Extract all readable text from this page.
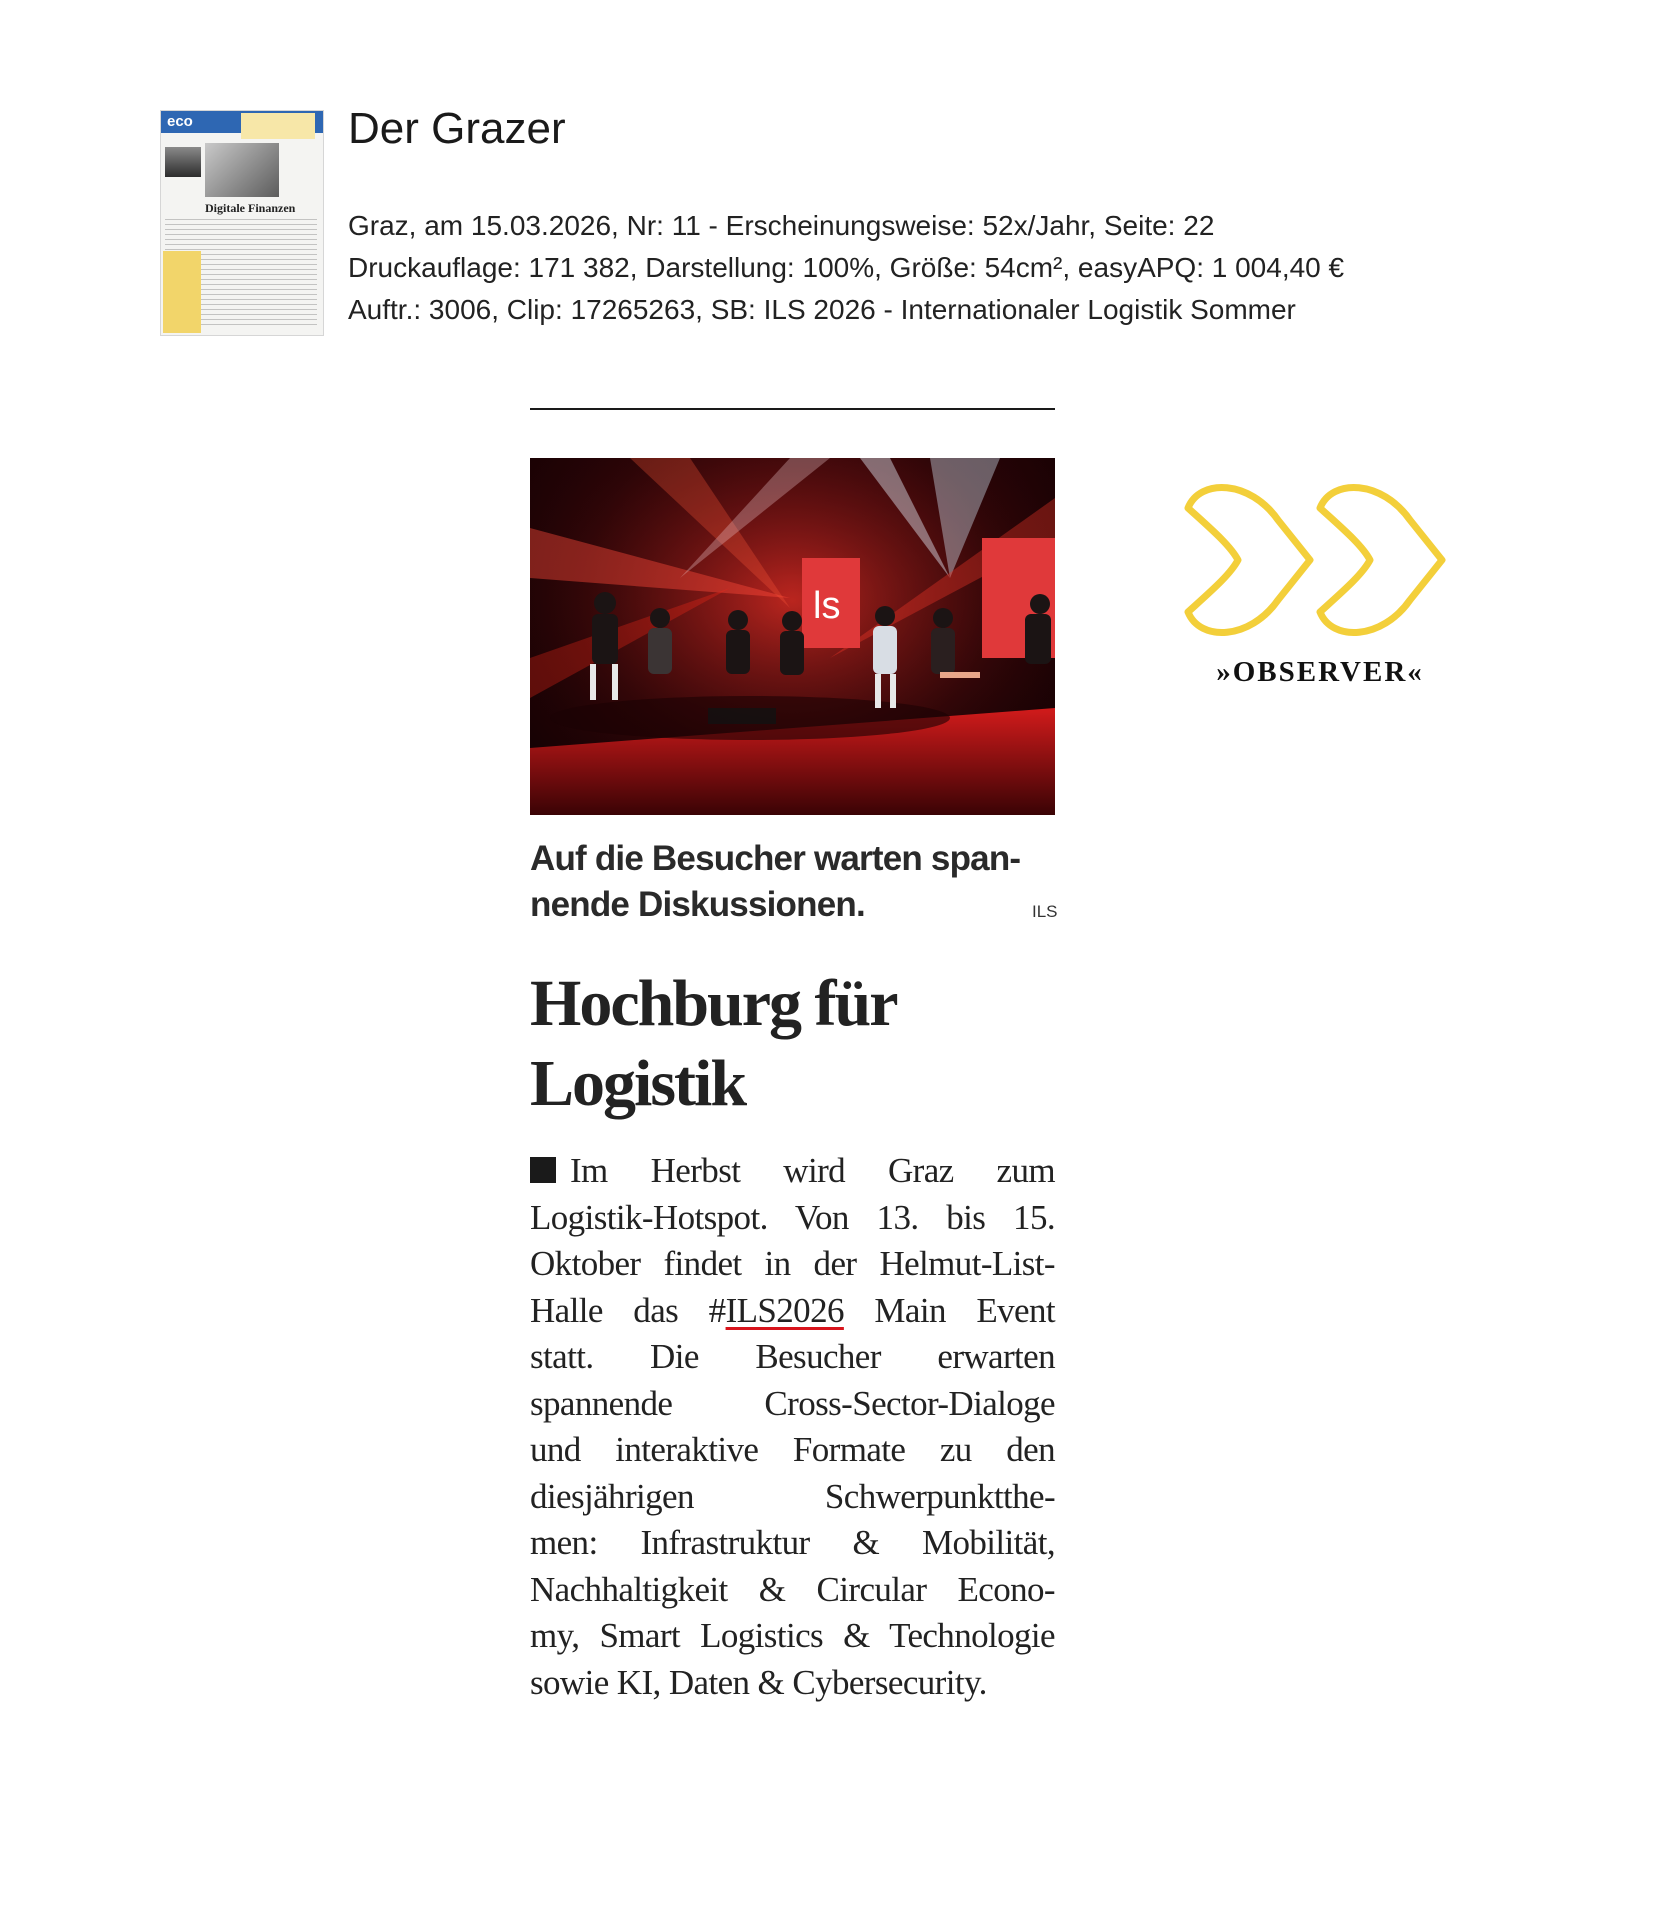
eco
Digitale Finanzen
Der Grazer
Graz, am 15.03.2026, Nr: 11 - Erscheinungsweise: 52x/Jahr, Seite: 22
Druckauflage: 171 382, Darstellung: 100%, Größe: 54cm², easyAPQ: 1 004,40 €
Auftr.: 3006, Clip: 17265263, SB: ILS 2026 - Internationaler Logistik Sommer
ls
Auf die Besucher warten span-
nende Diskussionen.	ILS
Hochburg für
Logistik
Im Herbst wird Graz zum
Logistik-Hotspot. Von 13. bis 15.
Oktober findet in der Helmut-List-
Halle das #ILS2026 Main Event
statt. Die Besucher erwarten
spannende Cross-Sector-Dialoge
und interaktive Formate zu den
diesjährigen Schwerpunktthe-
men: Infrastruktur & Mobilität,
Nachhaltigkeit & Circular Econo-
my, Smart Logistics & Technologie
sowie KI, Daten & Cybersecurity.
»OBSERVER«
